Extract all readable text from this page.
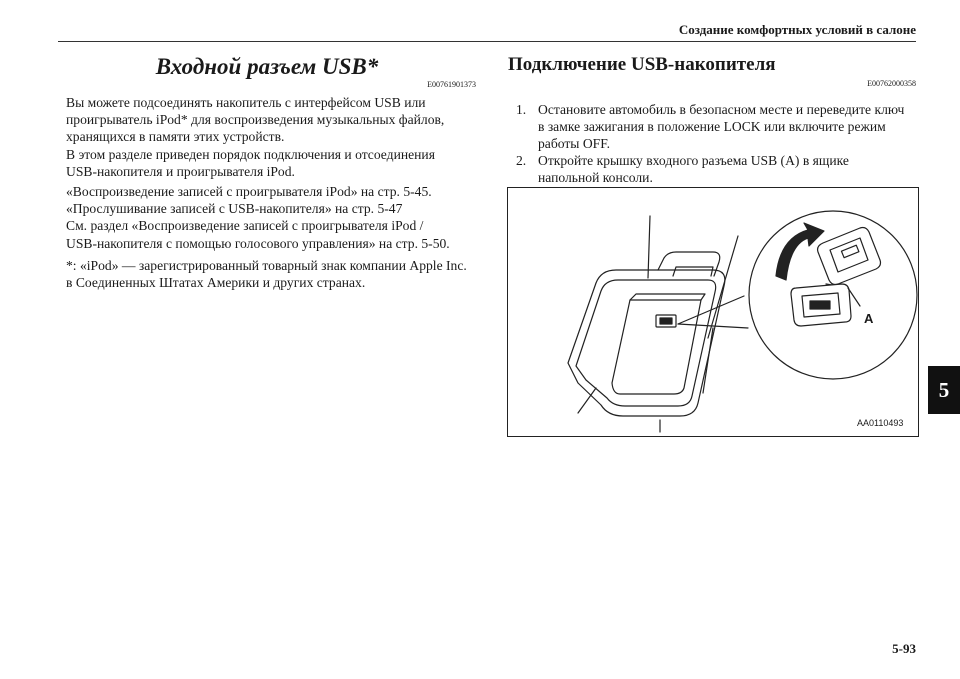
Создание комфортных условий в салоне
Входной разъем USB*
E00761901373
Вы можете подсоединять накопитель с интерфейсом USB или
проигрыватель iPod* для воспроизведения музыкальных файлов,
хранящихся в памяти этих устройств.
В этом разделе приведен порядок подключения и отсоединения
USB-накопителя и проигрывателя iPod.
«Воспроизведение записей с проигрывателя iPod» на стр. 5-45.
«Прослушивание записей с USB-накопителя» на стр. 5-47
См. раздел «Воспроизведение записей с проигрывателя iPod /
USB-накопителя с помощью голосового управления» на стр. 5-50.
*: «iPod» — зарегистрированный товарный знак компании Apple Inc.
в Соединенных Штатах Америки и других странах.
Подключение USB-накопителя
E00762000358
1. Остановите автомобиль в безопасном месте и переведите ключ
в замке зажигания в положение LOCK или включите режим
работы OFF.
2. Откройте крышку входного разъема USB (A) в ящике
напольной консоли.
A
AA0110493
5
5-93
